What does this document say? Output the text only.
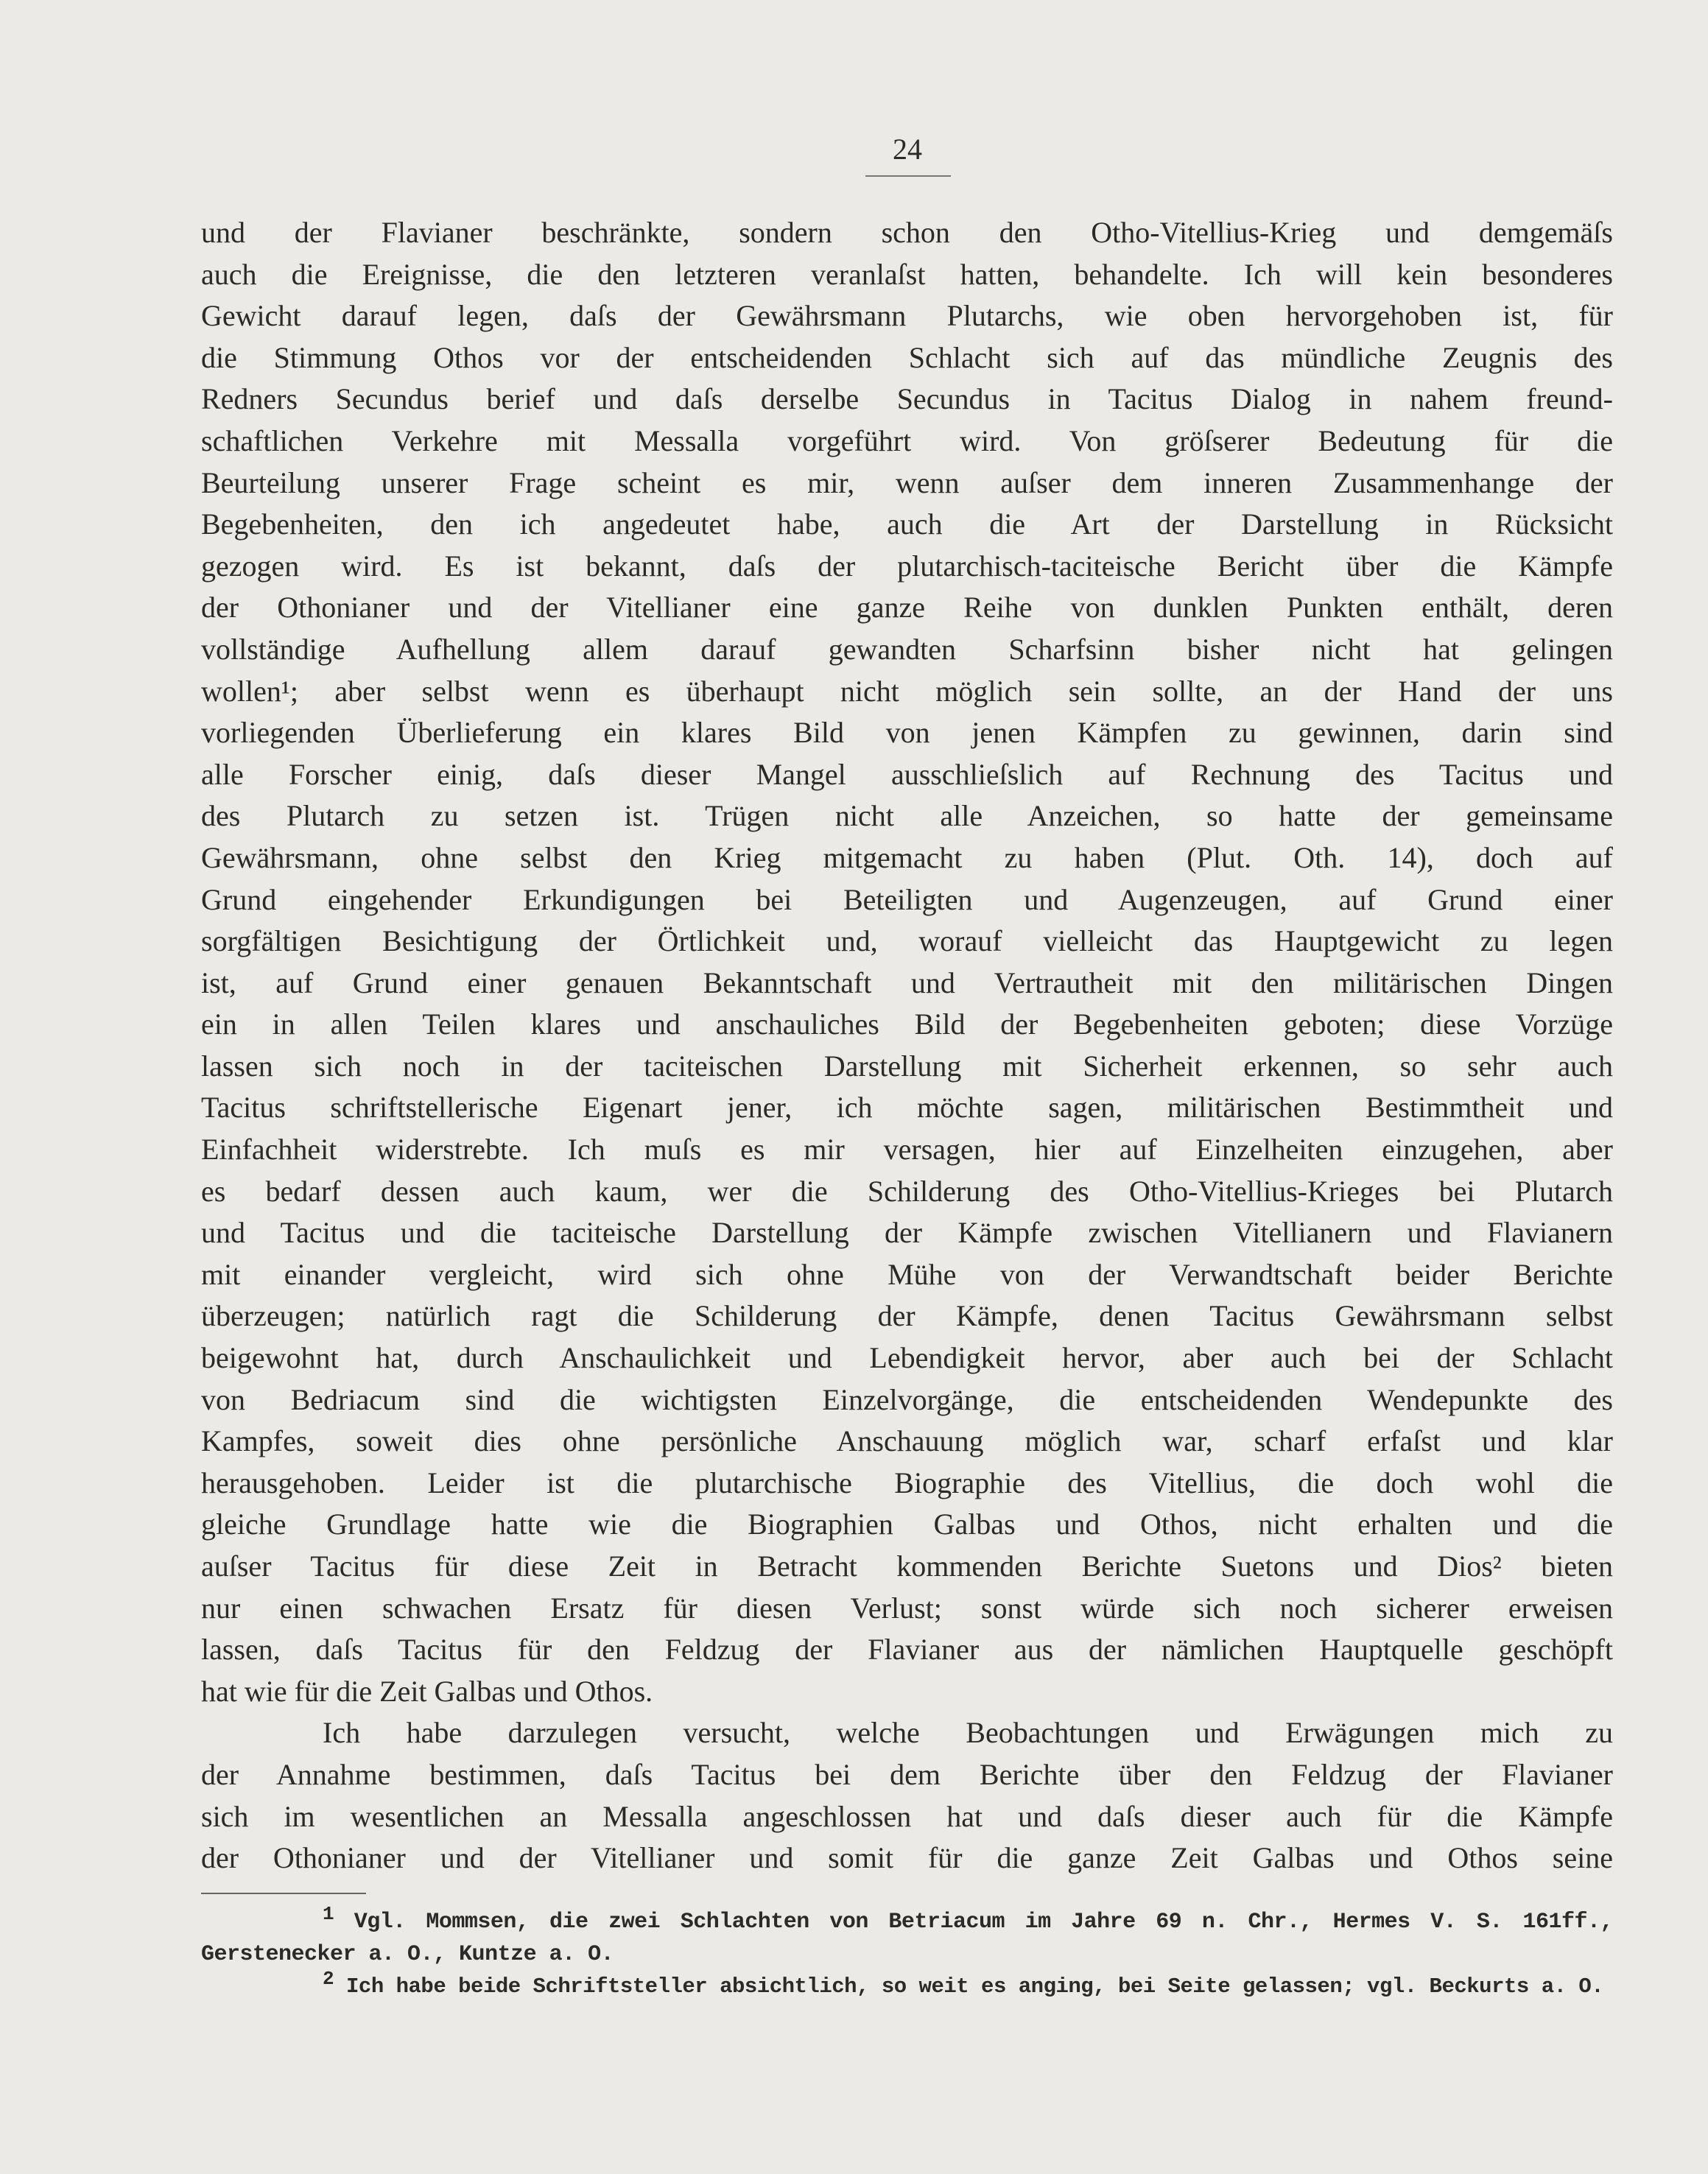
24
und der Flavianer beschränkte, sondern schon den Otho-Vitellius-Krieg und demgemäſs
auch die Ereignisse, die den letzteren veranlaſst hatten, behandelte. Ich will kein besonderes
Gewicht darauf legen, daſs der Gewährsmann Plutarchs, wie oben hervorgehoben ist, für
die Stimmung Othos vor der entscheidenden Schlacht sich auf das mündliche Zeugnis des
Redners Secundus berief und daſs derselbe Secundus in Tacitus Dialog in nahem freund-
schaftlichen Verkehre mit Messalla vorgeführt wird. Von gröſserer Bedeutung für die
Beurteilung unserer Frage scheint es mir, wenn auſser dem inneren Zusammenhange der
Begebenheiten, den ich angedeutet habe, auch die Art der Darstellung in Rücksicht
gezogen wird. Es ist bekannt, daſs der plutarchisch-taciteische Bericht über die Kämpfe
der Othonianer und der Vitellianer eine ganze Reihe von dunklen Punkten enthält, deren
vollständige Aufhellung allem darauf gewandten Scharfsinn bisher nicht hat gelingen
wollen¹; aber selbst wenn es überhaupt nicht möglich sein sollte, an der Hand der uns
vorliegenden Überlieferung ein klares Bild von jenen Kämpfen zu gewinnen, darin sind
alle Forscher einig, daſs dieser Mangel ausschlieſslich auf Rechnung des Tacitus und
des Plutarch zu setzen ist. Trügen nicht alle Anzeichen, so hatte der gemeinsame
Gewährsmann, ohne selbst den Krieg mitgemacht zu haben (Plut. Oth. 14), doch auf
Grund eingehender Erkundigungen bei Beteiligten und Augenzeugen, auf Grund einer
sorgfältigen Besichtigung der Örtlichkeit und, worauf vielleicht das Hauptgewicht zu legen
ist, auf Grund einer genauen Bekanntschaft und Vertrautheit mit den militärischen Dingen
ein in allen Teilen klares und anschauliches Bild der Begebenheiten geboten; diese Vorzüge
lassen sich noch in der taciteischen Darstellung mit Sicherheit erkennen, so sehr auch
Tacitus schriftstellerische Eigenart jener, ich möchte sagen, militärischen Bestimmtheit und
Einfachheit widerstrebte. Ich muſs es mir versagen, hier auf Einzelheiten einzugehen, aber
es bedarf dessen auch kaum, wer die Schilderung des Otho-Vitellius-Krieges bei Plutarch
und Tacitus und die taciteische Darstellung der Kämpfe zwischen Vitellianern und Flavianern
mit einander vergleicht, wird sich ohne Mühe von der Verwandtschaft beider Berichte
überzeugen; natürlich ragt die Schilderung der Kämpfe, denen Tacitus Gewährsmann selbst
beigewohnt hat, durch Anschaulichkeit und Lebendigkeit hervor, aber auch bei der Schlacht
von Bedriacum sind die wichtigsten Einzelvorgänge, die entscheidenden Wendepunkte des
Kampfes, soweit dies ohne persönliche Anschauung möglich war, scharf erfaſst und klar
herausgehoben. Leider ist die plutarchische Biographie des Vitellius, die doch wohl die
gleiche Grundlage hatte wie die Biographien Galbas und Othos, nicht erhalten und die
auſser Tacitus für diese Zeit in Betracht kommenden Berichte Suetons und Dios² bieten
nur einen schwachen Ersatz für diesen Verlust; sonst würde sich noch sicherer erweisen
lassen, daſs Tacitus für den Feldzug der Flavianer aus der nämlichen Hauptquelle geschöpft
hat wie für die Zeit Galbas und Othos.
Ich habe darzulegen versucht, welche Beobachtungen und Erwägungen mich zu
der Annahme bestimmen, daſs Tacitus bei dem Berichte über den Feldzug der Flavianer
sich im wesentlichen an Messalla angeschlossen hat und daſs dieser auch für die Kämpfe
der Othonianer und der Vitellianer und somit für die ganze Zeit Galbas und Othos seine
1 Vgl. Mommsen, die zwei Schlachten von Betriacum im Jahre 69 n. Chr., Hermes V. S. 161ff.,
Gerstenecker a. O., Kuntze a. O.
2 Ich habe beide Schriftsteller absichtlich, so weit es anging, bei Seite gelassen; vgl. Beckurts a. O.
